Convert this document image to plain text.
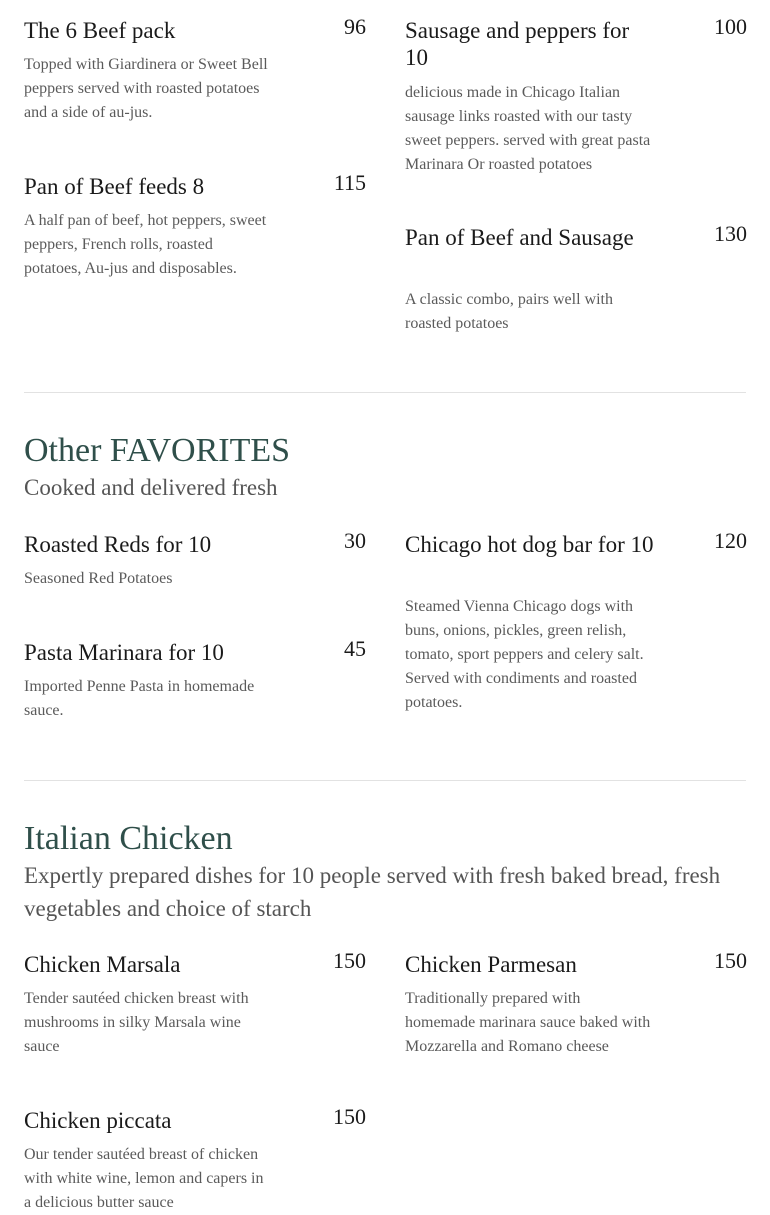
The 6 Beef pack	96
Topped with Giardinera or Sweet Bell peppers served with roasted potatoes and a side of au-jus.
Sausage and peppers for 10
100
delicious made in Chicago Italian sausage links roasted with our tasty sweet peppers. served with great pasta Marinara Or roasted potatoes
Pan of Beef feeds 8	115
A half pan of beef, hot peppers, sweet peppers, French rolls, roasted potatoes, Au-jus and disposables.
Pan of Beef and Sausage	130
A classic combo, pairs well with roasted potatoes
Other FAVORITES
Cooked and delivered fresh
Roasted Reds for 10	30
Seasoned Red Potatoes
Chicago hot dog bar for 10	120
Steamed Vienna Chicago dogs with buns, onions, pickles, green relish, tomato, sport peppers and celery salt. Served with condiments and roasted potatoes.
Pasta Marinara for 10	45
Imported Penne Pasta in homemade sauce.
Italian Chicken
Expertly prepared dishes for 10 people served with fresh baked bread, fresh vegetables and choice of starch
Chicken Marsala	150
Tender sautéed chicken breast with mushrooms in silky Marsala wine sauce
Chicken Parmesan	150
Traditionally prepared with homemade marinara sauce baked with Mozzarella and Romano cheese
Chicken piccata	150
Our tender sautéed breast of chicken with white wine, lemon and capers in a delicious butter sauce
